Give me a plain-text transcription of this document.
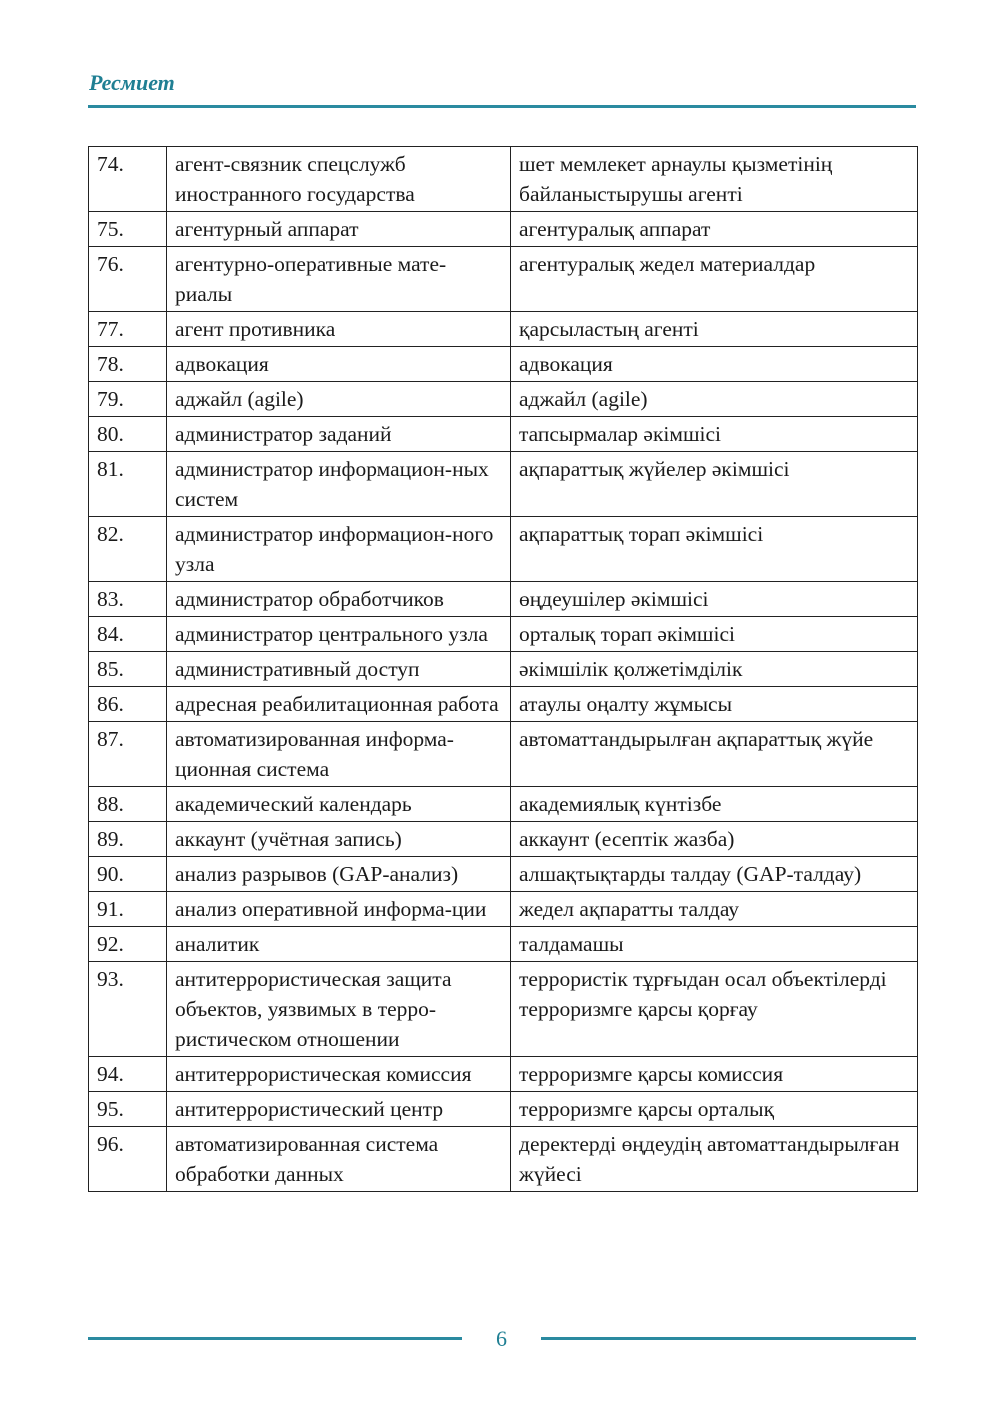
Ресмиет
74.	агент-связник спецслужб иностранного государства	шет мемлекет арнаулы қызметінің байланыстырушы агенті
75.	агентурный аппарат	агентуралық аппарат
76.	агентурно-оперативные мате-риалы	агентуралық жедел материалдар
77.	агент противника	қарсыластың агенті
78.	адвокация	адвокация
79.	аджайл (agile)	аджайл (agile)
80.	администратор заданий	тапсырмалар әкімшісі
81.	администратор информацион-ных систем	ақпараттық жүйелер әкімшісі
82.	администратор информацион-ного узла	ақпараттық торап әкімшісі
83.	администратор обработчиков	өңдеушілер әкімшісі
84.	администратор центрального узла	орталық торап әкімшісі
85.	административный доступ	әкімшілік қолжетімділік
86.	адресная реабилитационная работа	атаулы оңалту жұмысы
87.	автоматизированная информа-ционная система	автоматтандырылған ақпараттық жүйе
88.	академический календарь	академиялық күнтізбе
89.	аккаунт (учётная запись)	аккаунт (есептік жазба)
90.	анализ разрывов (GAP-анализ)	алшақтықтарды талдау (GAP-талдау)
91.	анализ оперативной информа-ции	жедел ақпаратты талдау
92.	аналитик	талдамашы
93.	антитеррористическая защита объектов, уязвимых в терро-ристическом отношении	террористік тұрғыдан осал объектілерді терроризмге қарсы қорғау
94.	антитеррористическая комиссия	терроризмге қарсы комиссия
95.	антитеррористический центр	терроризмге қарсы орталық
96.	автоматизированная система обработки данных	деректерді өңдеудің автоматтандырылған жүйесі
6
